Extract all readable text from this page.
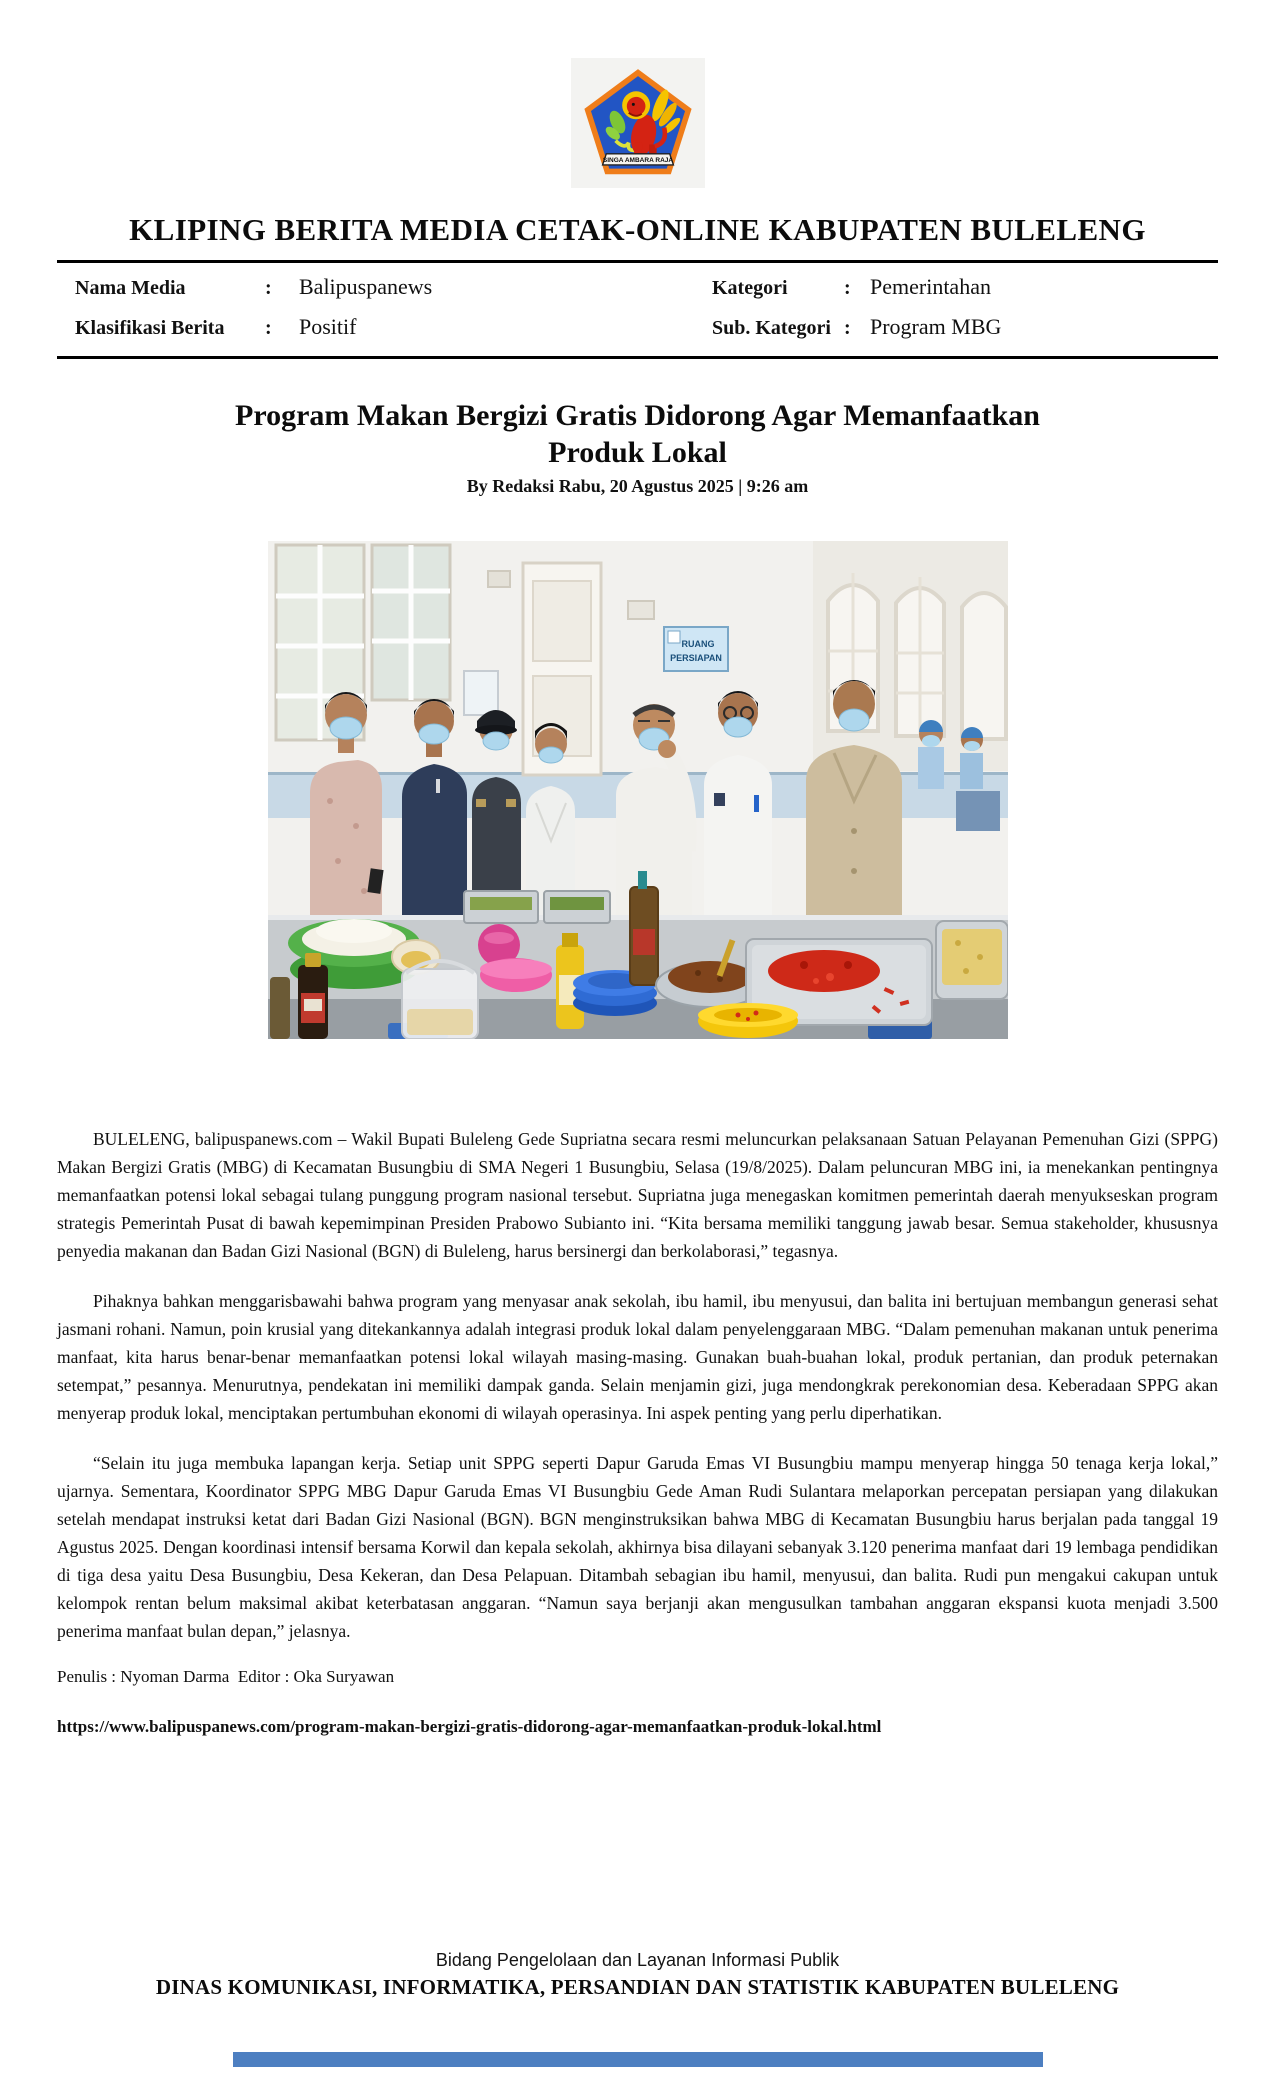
SINGA AMBARA RAJA
KLIPING BERITA MEDIA CETAK-ONLINE KABUPATEN BULELENG
Nama Media	:	Balipuspanews	Kategori	: Pemerintahan
Klasifikasi Berita	:	Positif	Sub. Kategori : Program MBG
Program Makan Bergizi Gratis Didorong Agar Memanfaatkan
Produk Lokal
By Redaksi Rabu, 20 Agustus 2025 | 9:26 am
RUANG
PERSIAPAN

BULELENG, balipuspanews.com – Wakil Bupati Buleleng Gede Supriatna secara resmi meluncurkan pelaksanaan Satuan Pelayanan Pemenuhan Gizi (SPPG) Makan Bergizi Gratis (MBG) di Kecamatan Busungbiu di SMA Negeri 1 Busungbiu, Selasa (19/8/2025). Dalam peluncuran MBG ini, ia menekankan pentingnya memanfaatkan potensi lokal sebagai tulang punggung program nasional tersebut. Supriatna juga menegaskan komitmen pemerintah daerah menyukseskan program strategis Pemerintah Pusat di bawah kepemimpinan Presiden Prabowo Subianto ini. “Kita bersama memiliki tanggung jawab besar. Semua stakeholder, khususnya penyedia makanan dan Badan Gizi Nasional (BGN) di Buleleng, harus bersinergi dan berkolaborasi,” tegasnya.

Pihaknya bahkan menggarisbawahi bahwa program yang menyasar anak sekolah, ibu hamil, ibu menyusui, dan balita ini bertujuan membangun generasi sehat jasmani rohani. Namun, poin krusial yang ditekankannya adalah integrasi produk lokal dalam penyelenggaraan MBG. “Dalam pemenuhan makanan untuk penerima manfaat, kita harus benar-benar memanfaatkan potensi lokal wilayah masing-masing. Gunakan buah-buahan lokal, produk pertanian, dan produk peternakan setempat,” pesannya. Menurutnya, pendekatan ini memiliki dampak ganda. Selain menjamin gizi, juga mendongkrak perekonomian desa. Keberadaan SPPG akan menyerap produk lokal, menciptakan pertumbuhan ekonomi di wilayah operasinya. Ini aspek penting yang perlu diperhatikan.

“Selain itu juga membuka lapangan kerja. Setiap unit SPPG seperti Dapur Garuda Emas VI Busungbiu mampu menyerap hingga 50 tenaga kerja lokal,” ujarnya. Sementara, Koordinator SPPG MBG Dapur Garuda Emas VI Busungbiu Gede Aman Rudi Sulantara melaporkan percepatan persiapan yang dilakukan setelah mendapat instruksi ketat dari Badan Gizi Nasional (BGN). BGN menginstruksikan bahwa MBG di Kecamatan Busungbiu harus berjalan pada tanggal 19 Agustus 2025. Dengan koordinasi intensif bersama Korwil dan kepala sekolah, akhirnya bisa dilayani sebanyak 3.120 penerima manfaat dari 19 lembaga pendidikan di tiga desa yaitu Desa Busungbiu, Desa Kekeran, dan Desa Pelapuan. Ditambah sebagian ibu hamil, menyusui, dan balita. Rudi pun mengakui cakupan untuk kelompok rentan belum maksimal akibat keterbatasan anggaran. “Namun saya berjanji akan mengusulkan tambahan anggaran ekspansi kuota menjadi 3.500 penerima manfaat bulan depan,” jelasnya.

Penulis : Nyoman Darma  Editor : Oka Suryawan
https://www.balipuspanews.com/program-makan-bergizi-gratis-didorong-agar-memanfaatkan-produk-lokal.html
Bidang Pengelolaan dan Layanan Informasi Publik
DINAS KOMUNIKASI, INFORMATIKA, PERSANDIAN DAN STATISTIK KABUPATEN BULELENG
